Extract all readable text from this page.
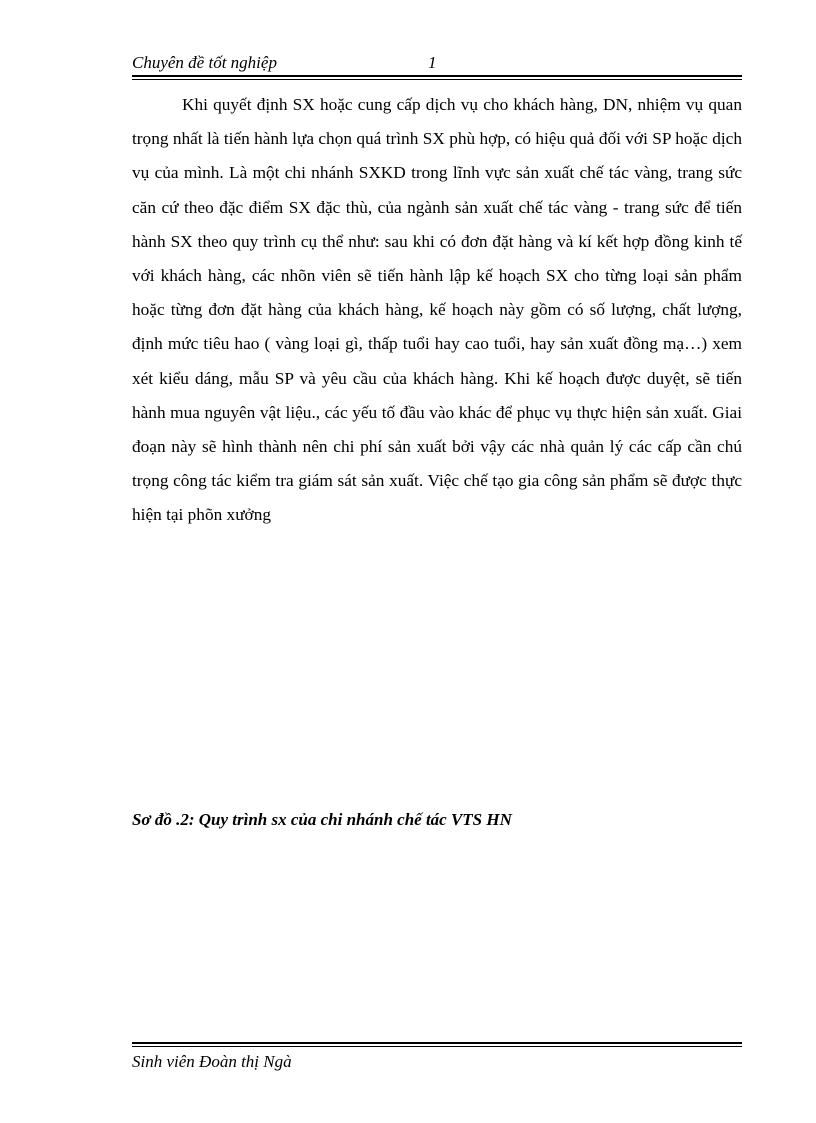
Chuyên đề tốt nghiệp	1

Khi quyết định SX hoặc cung cấp dịch vụ cho khách hàng, DN, nhiệm vụ quan trọng nhất là tiến hành lựa chọn quá trình SX phù hợp, có hiệu quả đối với SP hoặc dịch vụ của mình. Là một chi nhánh SXKD trong lĩnh vực sản xuất chế tác vàng, trang sức căn cứ theo đặc điểm SX đặc thù, của ngành sản xuất chế tác vàng - trang sức để tiến hành SX theo quy trình cụ thể như: sau khi có đơn đặt hàng và kí kết hợp đồng kinh tế với khách hàng, các nhõn viên sẽ tiến hành lập kế hoạch SX cho từng loại sản phẩm hoặc từng đơn đặt hàng của khách hàng, kế hoạch này gồm có số lượng, chất lượng, định mức tiêu hao ( vàng loại gì, thấp tuổi hay cao tuổi, hay sản xuất đồng mạ…) xem xét kiểu dáng, mẫu SP và yêu cầu của khách hàng. Khi kế hoạch được duyệt, sẽ tiến hành mua nguyên vật liệu., các yếu tố đầu vào khác để phục vụ thực hiện sản xuất. Giai đoạn này sẽ hình thành nên chi phí sản xuất bởi vậy các nhà quản lý các cấp cần chú trọng công tác kiểm tra giám sát sản xuất. Việc chế tạo gia công sản phẩm sẽ được thực hiện tại phõn xưởng

Sơ đồ .2: Quy trình sx của chi nhánh chế tác VTS HN
Sinh viên Đoàn thị Ngà
